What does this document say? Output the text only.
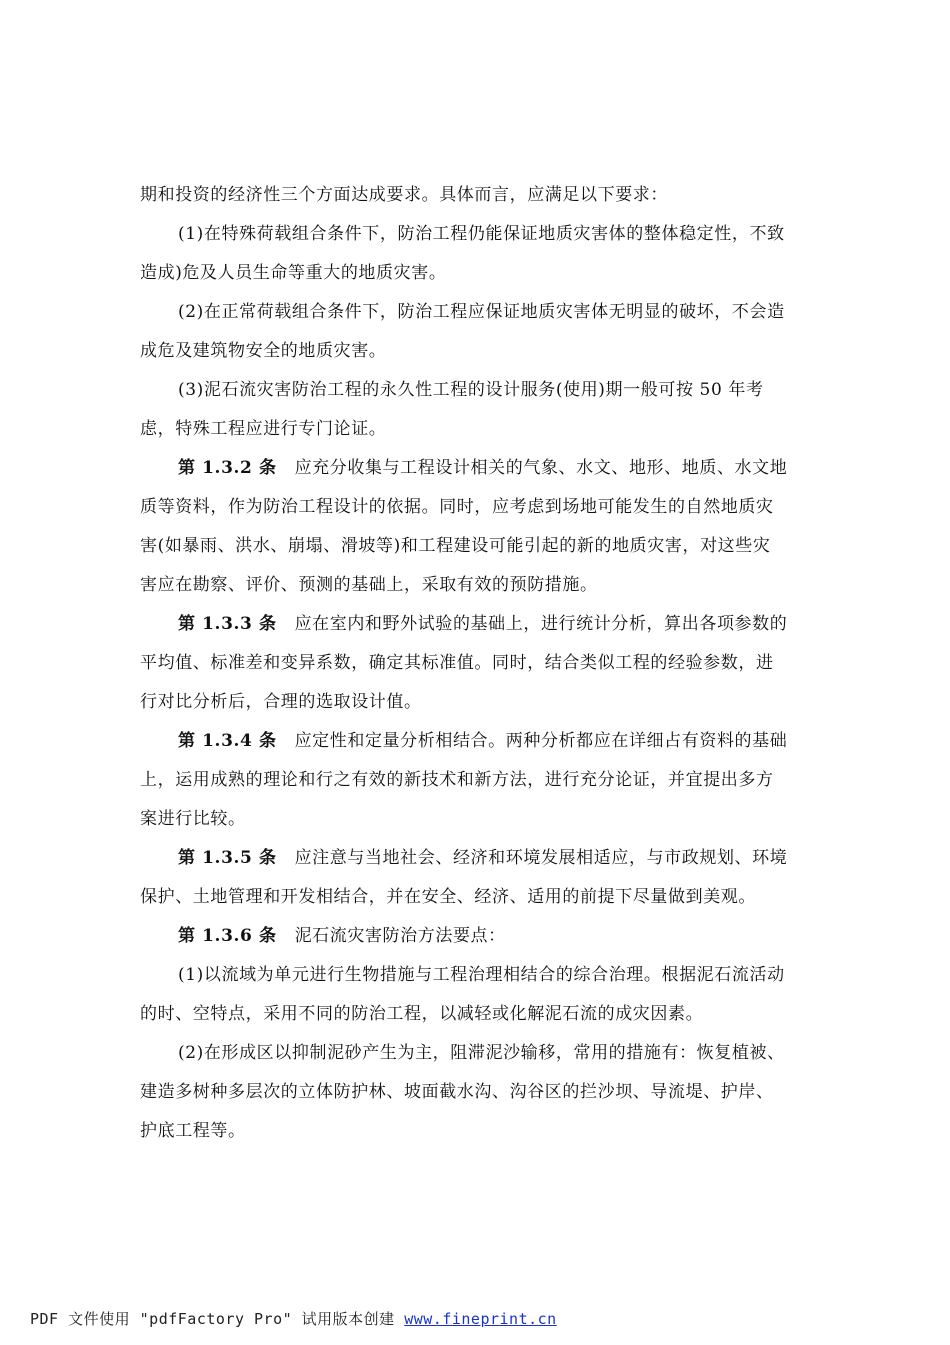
期和投资的经济性三个方面达成要求。具体而言，应满足以下要求：
(1)在特殊荷载组合条件下，防治工程仍能保证地质灾害体的整体稳定性，不致
造成)危及人员生命等重大的地质灾害。
(2)在正常荷载组合条件下，防治工程应保证地质灾害体无明显的破坏，不会造
成危及建筑物安全的地质灾害。
(3)泥石流灾害防治工程的永久性工程的设计服务(使用)期一般可按 50 年考
虑，特殊工程应进行专门论证。
第 1.3.2 条 应充分收集与工程设计相关的气象、水文、地形、地质、水文地
质等资料，作为防治工程设计的依据。同时，应考虑到场地可能发生的自然地质灾
害(如暴雨、洪水、崩塌、滑坡等)和工程建设可能引起的新的地质灾害，对这些灾
害应在勘察、评价、预测的基础上，采取有效的预防措施。
第 1.3.3 条 应在室内和野外试验的基础上，进行统计分析，算出各项参数的
平均值、标准差和变异系数，确定其标准值。同时，结合类似工程的经验参数，进
行对比分析后，合理的选取设计值。
第 1.3.4 条 应定性和定量分析相结合。两种分析都应在详细占有资料的基础
上，运用成熟的理论和行之有效的新技术和新方法，进行充分论证，并宜提出多方
案进行比较。
第 1.3.5 条 应注意与当地社会、经济和环境发展相适应，与市政规划、环境
保护、土地管理和开发相结合，并在安全、经济、适用的前提下尽量做到美观。
第 1.3.6 条 泥石流灾害防治方法要点：
(1)以流域为单元进行生物措施与工程治理相结合的综合治理。根据泥石流活动
的时、空特点，采用不同的防治工程，以减轻或化解泥石流的成灾因素。
(2)在形成区以抑制泥砂产生为主，阻滞泥沙输移，常用的措施有：恢复植被、
建造多树种多层次的立体防护林、坡面截水沟、沟谷区的拦沙坝、导流堤、护岸、
护底工程等。
PDF 文件使用 "pdfFactory Pro" 试用版本创建 www.fineprint.cn
